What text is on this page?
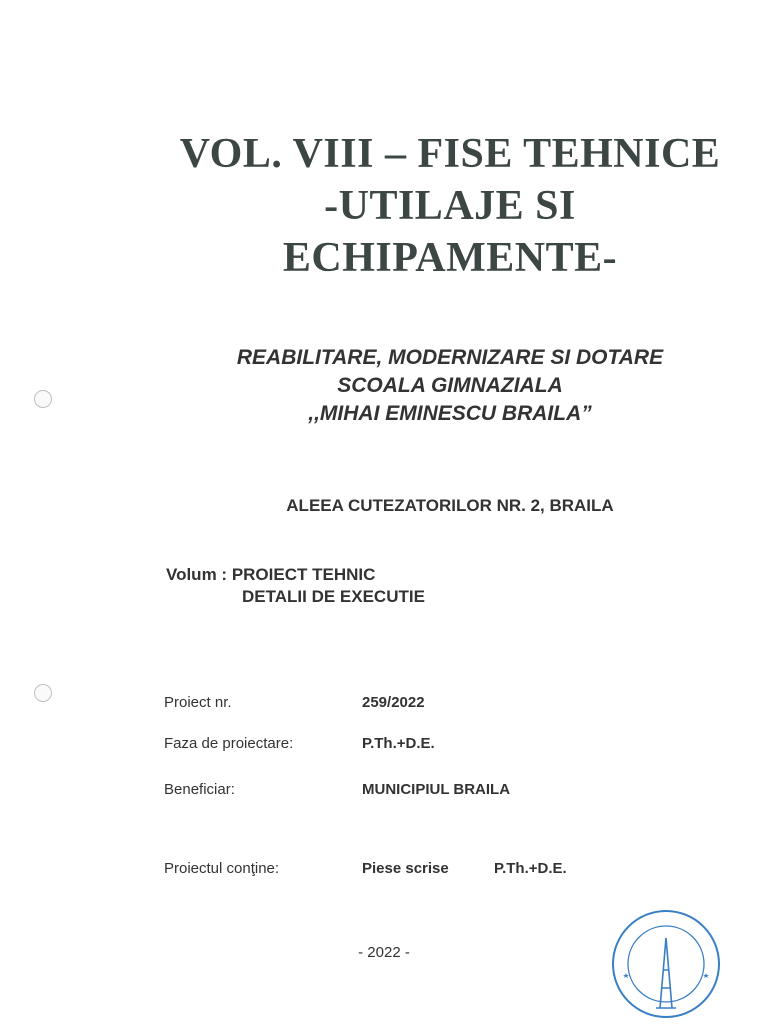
VOL. VIII – FISE TEHNICE
-UTILAJE SI
ECHIPAMENTE-
REABILITARE, MODERNIZARE SI DOTARE
SCOALA GIMNAZIALA
,,MIHAI EMINESCU BRAILA”
ALEEA CUTEZATORILOR NR. 2, BRAILA
Volum : PROIECT TEHNIC
DETALII DE EXECUTIE
Proiect nr.	259/2022
Faza de proiectare:	P.Th.+D.E.
Beneficiar:	MUNICIPIUL BRAILA
Proiectul conţine:	Piese scrise	P.Th.+D.E.
- 2022 -
